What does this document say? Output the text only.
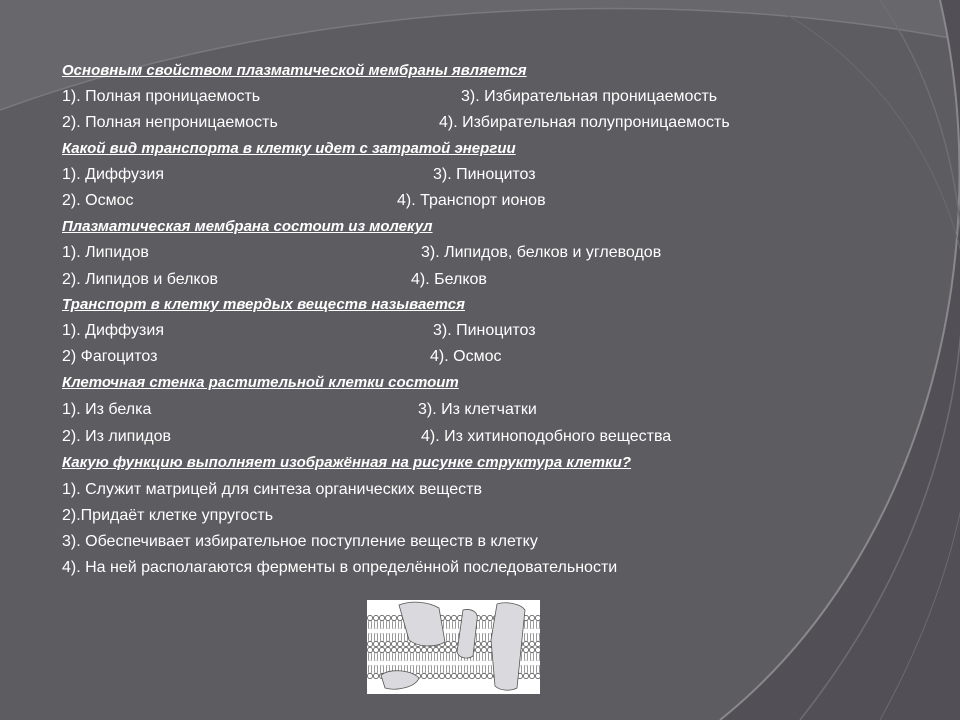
Основным свойством плазматической мембраны является
1). Полная проницаемость	3). Избирательная проницаемость
2). Полная непроницаемость	4). Избирательная полупроницаемость
Какой вид транспорта в клетку идет с затратой энергии
1). Диффузия	3). Пиноцитоз
2). Осмос	4). Транспорт ионов
Плазматическая мембрана состоит из молекул
1). Липидов	3). Липидов, белков и углеводов
2). Липидов и белков	4). Белков
Транспорт в клетку твердых веществ называется
1). Диффузия	3). Пиноцитоз
2) Фагоцитоз	4). Осмос
Клеточная стенка растительной клетки состоит
1). Из белка	3). Из клетчатки
2). Из липидов	4). Из хитиноподобного вещества
Какую функцию выполняет изображённая на рисунке структура клетки?
1). Служит матрицей для синтеза органических веществ
2).Придаёт клетке упругость
3). Обеспечивает избирательное поступление веществ в клетку
4). На ней располагаются ферменты в определённой последовательности
